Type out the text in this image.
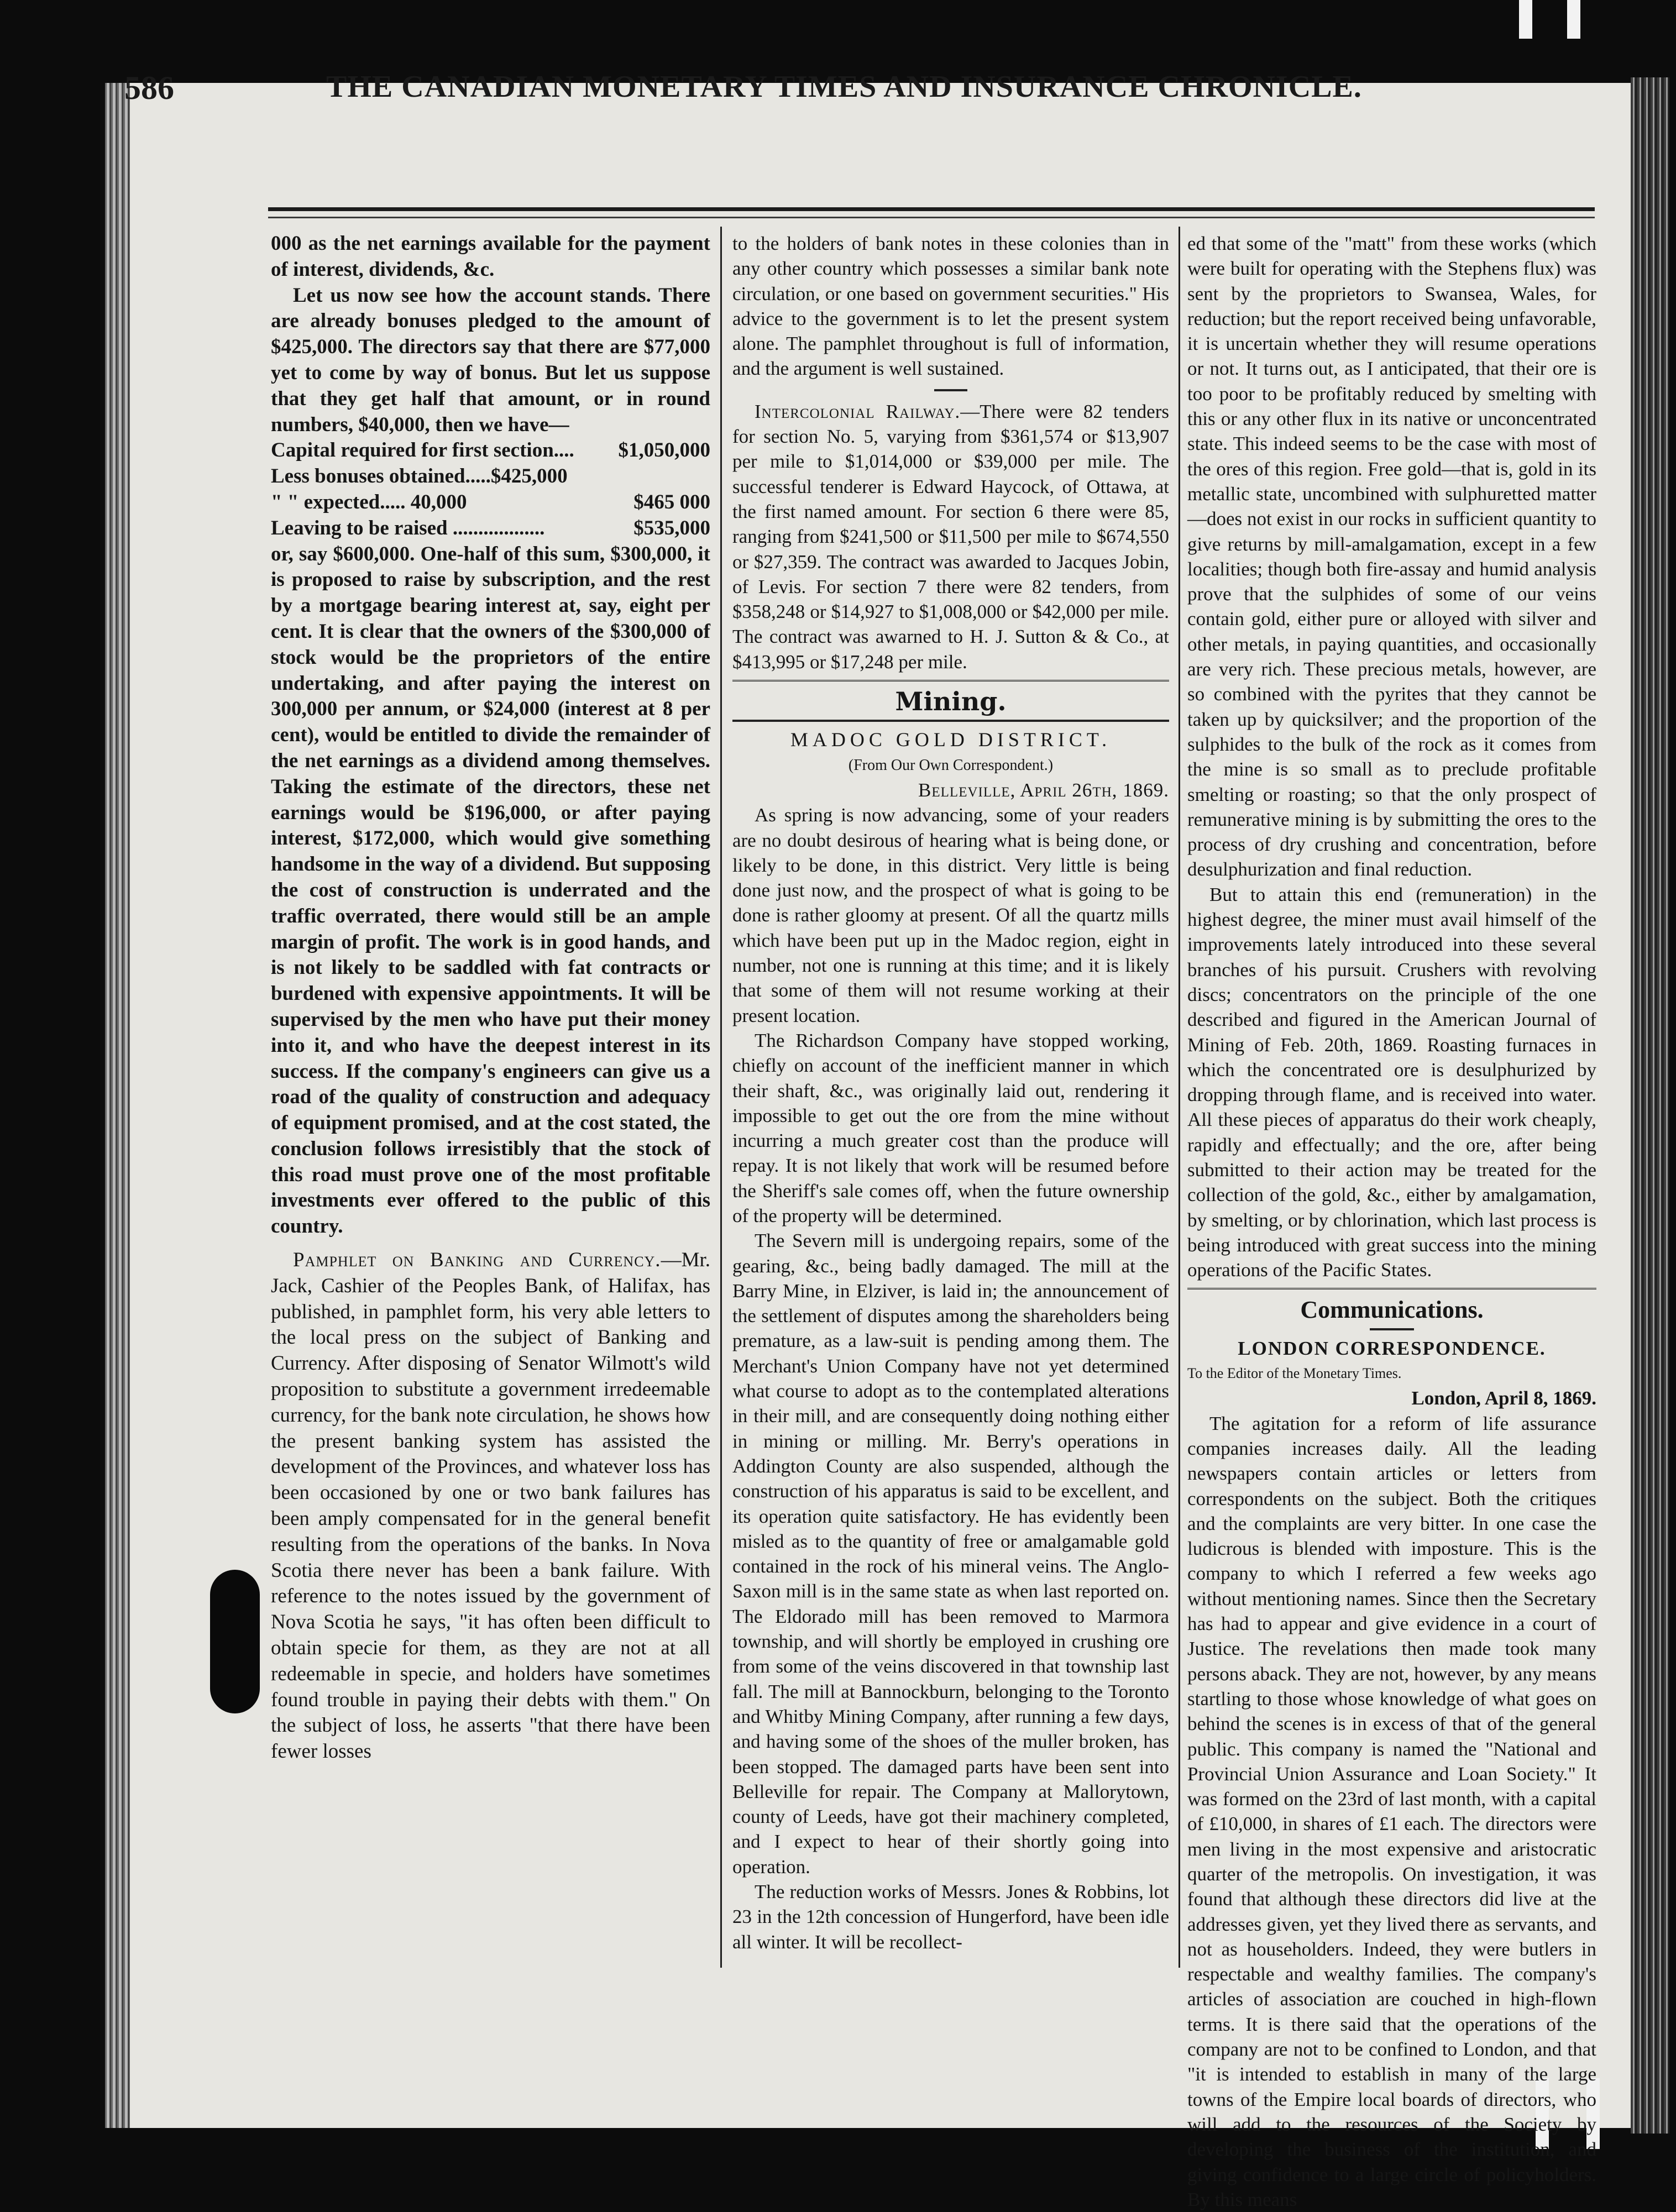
586	THE CANADIAN MONETARY TIMES AND INSURANCE CHRONICLE.

000 as the net earnings available for the payment of interest, dividends, &c.

Let us now see how the account stands. There are already bonuses pledged to the amount of $425,000. The directors say that there are $77,000 yet to come by way of bonus. But let us suppose that they get half that amount, or in round numbers, $40,000, then we have—

Capital required for first section.... $1,050,000
Less bonuses obtained.....$425,000
" " expected..... 40,000	$465 000
Leaving to be raised ..................	$535,000

or, say $600,000. One-half of this sum, $300,000, it is proposed to raise by subscription, and the rest by a mortgage bearing interest at, say, eight per cent. It is clear that the owners of the $300,000 of stock would be the proprietors of the entire undertaking, and after paying the interest on 300,000 per annum, or $24,000 (interest at 8 per cent), would be entitled to divide the remainder of the net earnings as a dividend among themselves. Taking the estimate of the directors, these net earnings would be $196,000, or after paying interest, $172,000, which would give something handsome in the way of a dividend. But supposing the cost of construction is underrated and the traffic overrated, there would still be an ample margin of profit. The work is in good hands, and is not likely to be saddled with fat contracts or burdened with expensive appointments. It will be supervised by the men who have put their money into it, and who have the deepest interest in its success. If the company's engineers can give us a road of the quality of construction and adequacy of equipment promised, and at the cost stated, the conclusion follows irresistibly that the stock of this road must prove one of the most profitable investments ever offered to the public of this country.

Pamphlet on Banking and Currency.—Mr. Jack, Cashier of the Peoples Bank, of Halifax, has published, in pamphlet form, his very able letters to the local press on the subject of Banking and Currency. After disposing of Senator Wilmott's wild proposition to substitute a government irredeemable currency, for the bank note circulation, he shows how the present banking system has assisted the development of the Provinces, and whatever loss has been occasioned by one or two bank failures has been amply compensated for in the general benefit resulting from the operations of the banks. In Nova Scotia there never has been a bank failure. With reference to the notes issued by the government of Nova Scotia he says, "it has often been difficult to obtain specie for them, as they are not at all redeemable in specie, and holders have sometimes found trouble in paying their debts with them." On the subject of loss, he asserts "that there have been fewer losses

to the holders of bank notes in these colonies than in any other country which possesses a similar bank note circulation, or one based on government securities." His advice to the government is to let the present system alone. The pamphlet throughout is full of information, and the argument is well sustained.

Intercolonial Railway.—There were 82 tenders for section No. 5, varying from $361,574 or $13,907 per mile to $1,014,000 or $39,000 per mile. The successful tenderer is Edward Haycock, of Ottawa, at the first named amount. For section 6 there were 85, ranging from $241,500 or $11,500 per mile to $674,550 or $27,359. The contract was awarded to Jacques Jobin, of Levis. For section 7 there were 82 tenders, from $358,248 or $14,927 to $1,008,000 or $42,000 per mile. The contract was awarned to H. J. Sutton & & Co., at $413,995 or $17,248 per mile.

Mining.
MADOC GOLD DISTRICT.
(From Our Own Correspondent.)
Belleville, April 26th, 1869.

As spring is now advancing, some of your readers are no doubt desirous of hearing what is being done, or likely to be done, in this district. Very little is being done just now, and the prospect of what is going to be done is rather gloomy at present. Of all the quartz mills which have been put up in the Madoc region, eight in number, not one is running at this time; and it is likely that some of them will not resume working at their present location.

The Richardson Company have stopped working, chiefly on account of the inefficient manner in which their shaft, &c., was originally laid out, rendering it impossible to get out the ore from the mine without incurring a much greater cost than the produce will repay. It is not likely that work will be resumed before the Sheriff's sale comes off, when the future ownership of the property will be determined.

The Severn mill is undergoing repairs, some of the gearing, &c., being badly damaged. The mill at the Barry Mine, in Elziver, is laid in; the announcement of the settlement of disputes among the shareholders being premature, as a law-suit is pending among them. The Merchant's Union Company have not yet determined what course to adopt as to the contemplated alterations in their mill, and are consequently doing nothing either in mining or milling. Mr. Berry's operations in Addington County are also suspended, although the construction of his apparatus is said to be excellent, and its operation quite satisfactory. He has evidently been misled as to the quantity of free or amalgamable gold contained in the rock of his mineral veins. The Anglo-Saxon mill is in the same state as when last reported on. The Eldorado mill has been removed to Marmora township, and will shortly be employed in crushing ore from some of the veins discovered in that township last fall. The mill at Bannockburn, belonging to the Toronto and Whitby Mining Company, after running a few days, and having some of the shoes of the muller broken, has been stopped. The damaged parts have been sent into Belleville for repair. The Company at Mallorytown, county of Leeds, have got their machinery completed, and I expect to hear of their shortly going into operation.

The reduction works of Messrs. Jones & Robbins, lot 23 in the 12th concession of Hungerford, have been idle all winter. It will be recollect-

ed that some of the "matt" from these works (which were built for operating with the Stephens flux) was sent by the proprietors to Swansea, Wales, for reduction; but the report received being unfavorable, it is uncertain whether they will resume operations or not. It turns out, as I anticipated, that their ore is too poor to be profitably reduced by smelting with this or any other flux in its native or unconcentrated state. This indeed seems to be the case with most of the ores of this region. Free gold—that is, gold in its metallic state, uncombined with sulphuretted matter—does not exist in our rocks in sufficient quantity to give returns by mill-amalgamation, except in a few localities; though both fire-assay and humid analysis prove that the sulphides of some of our veins contain gold, either pure or alloyed with silver and other metals, in paying quantities, and occasionally are very rich. These precious metals, however, are so combined with the pyrites that they cannot be taken up by quicksilver; and the proportion of the sulphides to the bulk of the rock as it comes from the mine is so small as to preclude profitable smelting or roasting; so that the only prospect of remunerative mining is by submitting the ores to the process of dry crushing and concentration, before desulphurization and final reduction.

But to attain this end (remuneration) in the highest degree, the miner must avail himself of the improvements lately introduced into these several branches of his pursuit. Crushers with revolving discs; concentrators on the principle of the one described and figured in the American Journal of Mining of Feb. 20th, 1869. Roasting furnaces in which the concentrated ore is desulphurized by dropping through flame, and is received into water. All these pieces of apparatus do their work cheaply, rapidly and effectually; and the ore, after being submitted to their action may be treated for the collection of the gold, &c., either by amalgamation, by smelting, or by chlorination, which last process is being introduced with great success into the mining operations of the Pacific States.

Communications.
LONDON CORRESPONDENCE.
To the Editor of the Monetary Times.
London, April 8, 1869.

The agitation for a reform of life assurance companies increases daily. All the leading newspapers contain articles or letters from correspondents on the subject. Both the critiques and the complaints are very bitter. In one case the ludicrous is blended with imposture. This is the company to which I referred a few weeks ago without mentioning names. Since then the Secretary has had to appear and give evidence in a court of Justice. The revelations then made took many persons aback. They are not, however, by any means startling to those whose knowledge of what goes on behind the scenes is in excess of that of the general public. This company is named the "National and Provincial Union Assurance and Loan Society." It was formed on the 23rd of last month, with a capital of £10,000, in shares of £1 each. The directors were men living in the most expensive and aristocratic quarter of the metropolis. On investigation, it was found that although these directors did live at the addresses given, yet they lived there as servants, and not as householders. Indeed, they were butlers in respectable and wealthy families. The company's articles of association are couched in high-flown terms. It is there said that the operations of the company are not to be confined to London, and that "it is intended to establish in many of the large towns of the Empire local boards of directors, who will add to the resources of the Society by developing the business of the institution, and giving confidence to a large circle of policyholders. By this means
